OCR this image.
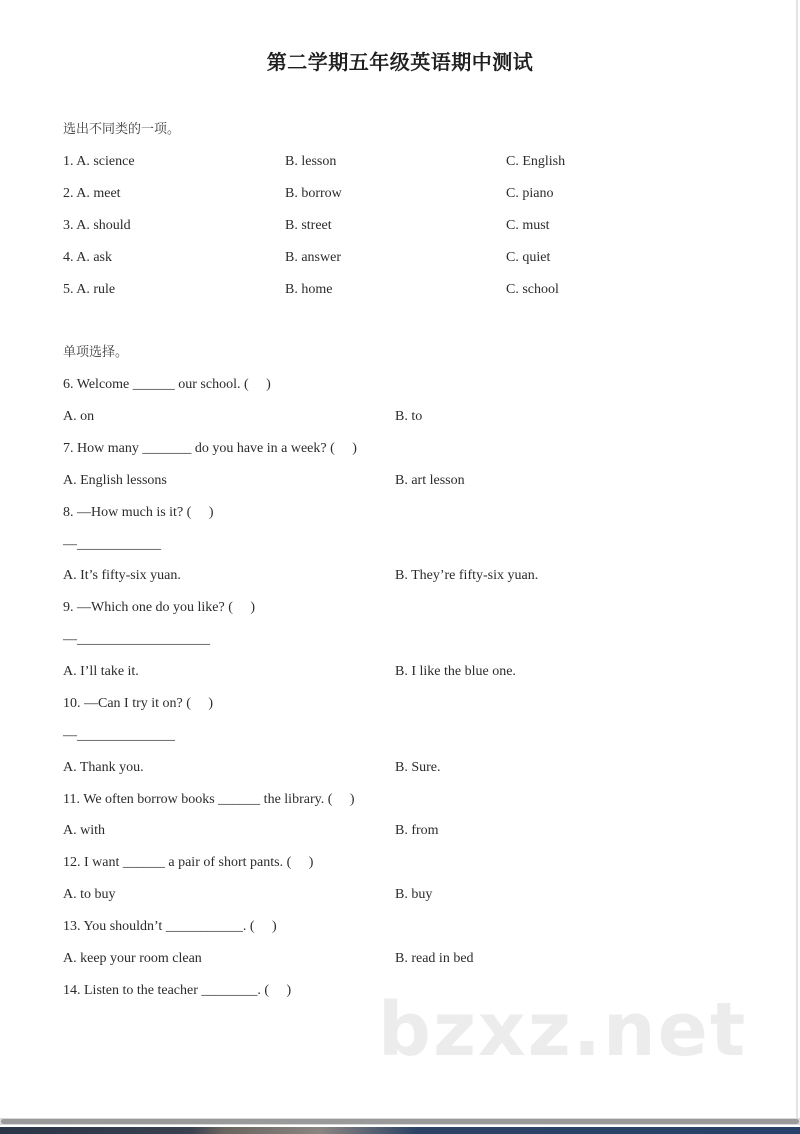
第二学期五年级英语期中测试
选出不同类的一项。
1. A. science	B. lesson	C. English
2. A. meet	B. borrow	C. piano
3. A. should	B. street	C. must
4. A. ask	B. answer	C. quiet
5. A. rule	B. home	C. school
单项选择。
6. Welcome ______ our school. (     )
A. on	B. to
7. How many _______ do you have in a week? (     )
A. English lessons	B. art lesson
8. —How much is it? (     )
—____________
A. It’s fifty-six yuan.	B. They’re fifty-six yuan.
9. —Which one do you like? (     )
—___________________
A. I’ll take it.	B. I like the blue one.
10. —Can I try it on? (     )
—______________
A. Thank you.	B. Sure.
11. We often borrow books ______ the library. (     )
A. with	B. from
12. I want ______ a pair of short pants. (     )
A. to buy	B. buy
13. You shouldn’t ___________. (     )
A. keep your room clean	B. read in bed
14. Listen to the teacher ________. (     ) bzxz.net
